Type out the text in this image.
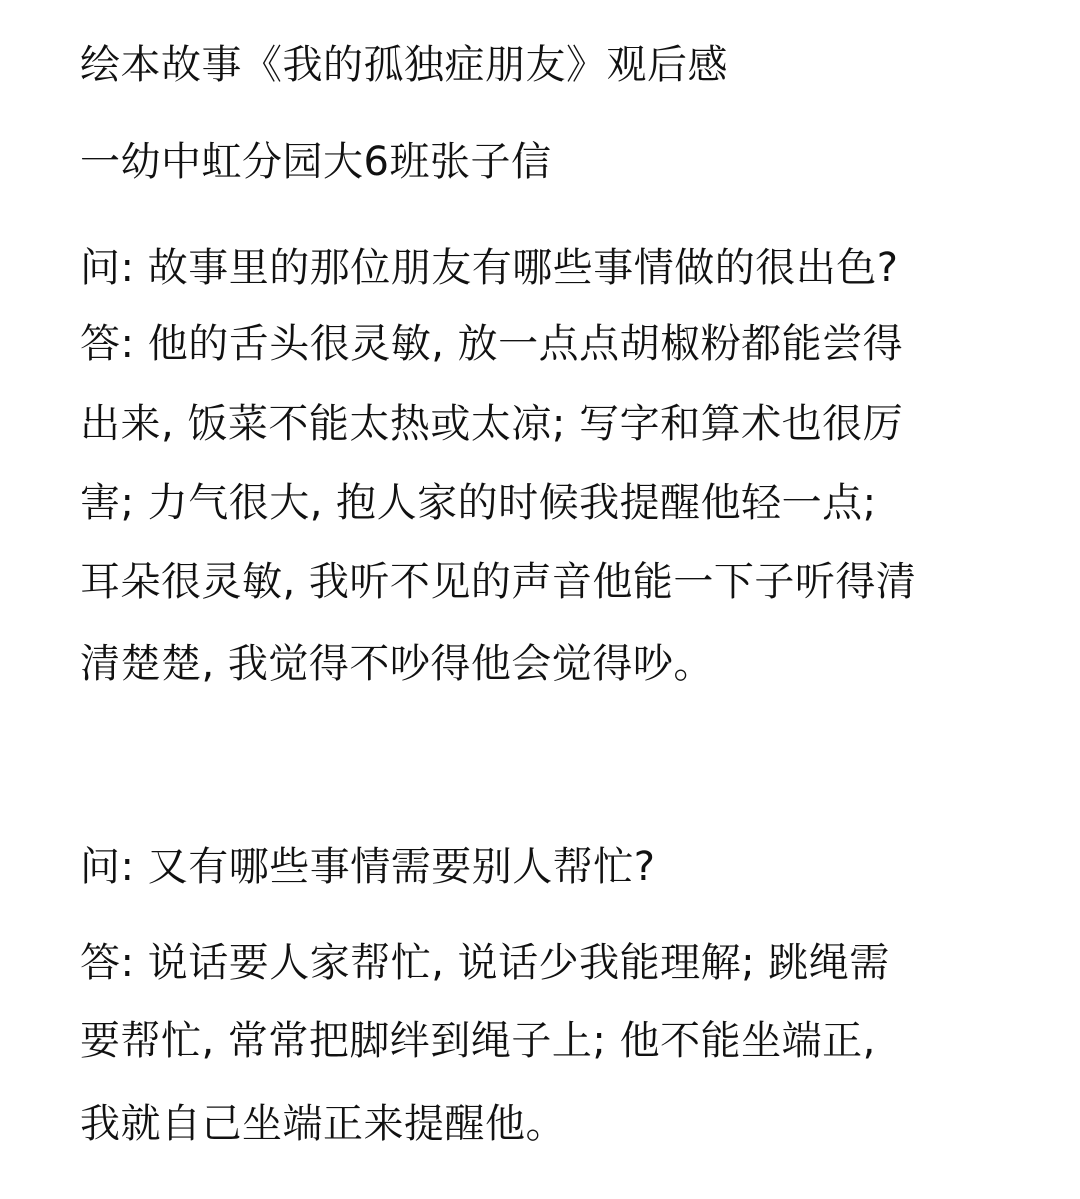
绘本故事《我的孤独症朋友》观后感
一幼中虹分园大6班张子信
问: 故事里的那位朋友有哪些事情做的很出色?
答: 他的舌头很灵敏, 放一点点胡椒粉都能尝得
出来, 饭菜不能太热或太凉; 写字和算术也很厉
害; 力气很大, 抱人家的时候我提醒他轻一点;
耳朵很灵敏, 我听不见的声音他能一下子听得清
清楚楚, 我觉得不吵得他会觉得吵。
问: 又有哪些事情需要别人帮忙?
答: 说话要人家帮忙, 说话少我能理解; 跳绳需
要帮忙, 常常把脚绊到绳子上; 他不能坐端正,
我就自己坐端正来提醒他。
